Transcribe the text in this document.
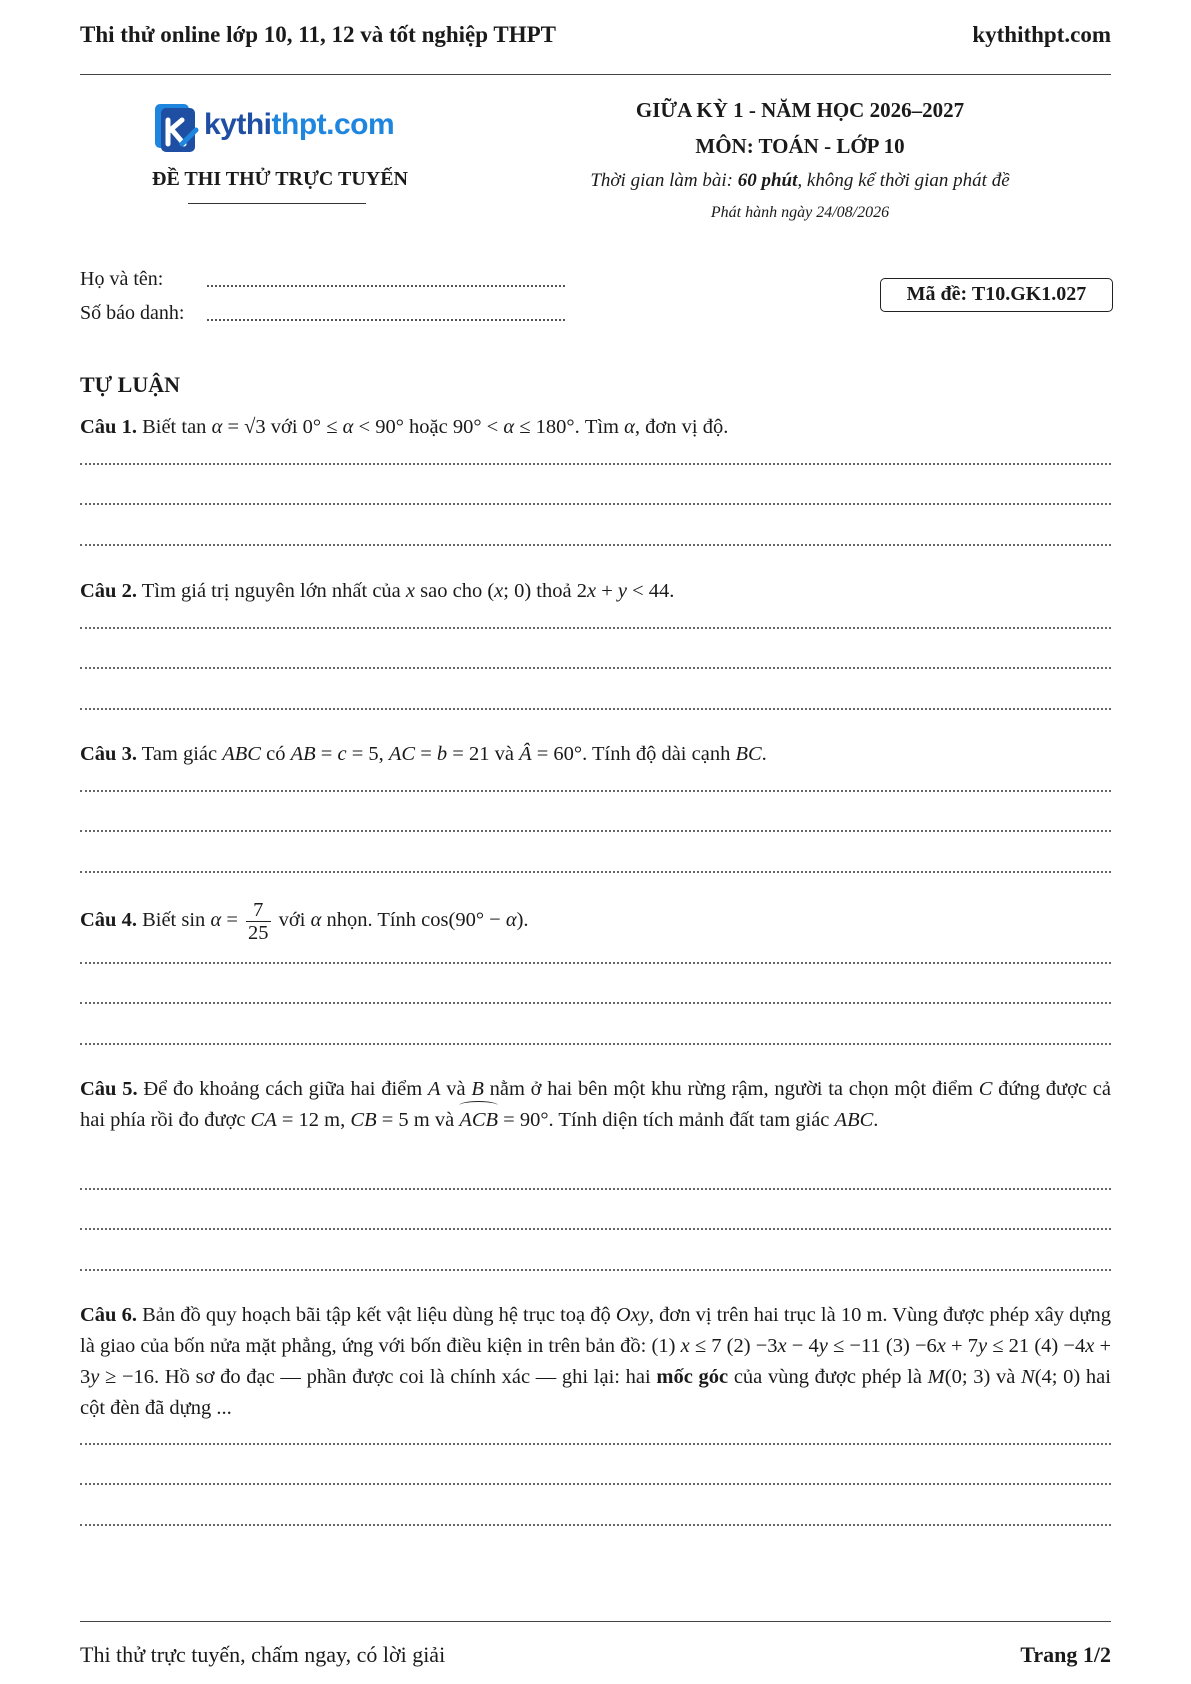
Thi thử online lớp 10, 11, 12 và tốt nghiệp THPT	kythithpt.com
kythithpt.com
ĐỀ THI THỬ TRỰC TUYẾN
GIỮA KỲ 1 - NĂM HỌC 2026–2027
MÔN: TOÁN - LỚP 10
Thời gian làm bài: 60 phút, không kể thời gian phát đề
Phát hành ngày 24/08/2026
Họ và tên:
Số báo danh:
Mã đề: T10.GK1.027
TỰ LUẬN
Câu 1. Biết tan α = √3 với 0° ≤ α < 90° hoặc 90° < α ≤ 180°. Tìm α, đơn vị độ.
Câu 2. Tìm giá trị nguyên lớn nhất của x sao cho (x; 0) thoả 2x + y < 44.
Câu 3. Tam giác ABC có AB = c = 5, AC = b = 21 và Â = 60°. Tính độ dài cạnh BC.
Câu 4. Biết $\sin \alpha = \frac{7}{25}$ với α nhọn. Tính cos(90° − α).
Câu 5. Để đo khoảng cách giữa hai điểm A và B nằm ở hai bên một khu rừng rậm, người ta chọn một điểm C đứng được cả hai phía rồi đo được CA = 12 m, CB = 5 m và ACB = 90°. Tính diện tích mảnh đất tam giác ABC.
Câu 6. Bản đồ quy hoạch bãi tập kết vật liệu dùng hệ trục toạ độ Oxy, đơn vị trên hai trục là 10 m. Vùng được phép xây dựng là giao của bốn nửa mặt phẳng, ứng với bốn điều kiện in trên bản đồ: (1) x ≤ 7 (2) −3x − 4y ≤ −11 (3) −6x + 7y ≤ 21 (4) −4x + 3y ≥ −16. Hồ sơ đo đạc — phần được coi là chính xác — ghi lại: hai mốc góc của vùng được phép là M(0; 3) và N(4; 0) hai cột đèn đã dựng ...
Thi thử trực tuyến, chấm ngay, có lời giải	Trang 1/2
